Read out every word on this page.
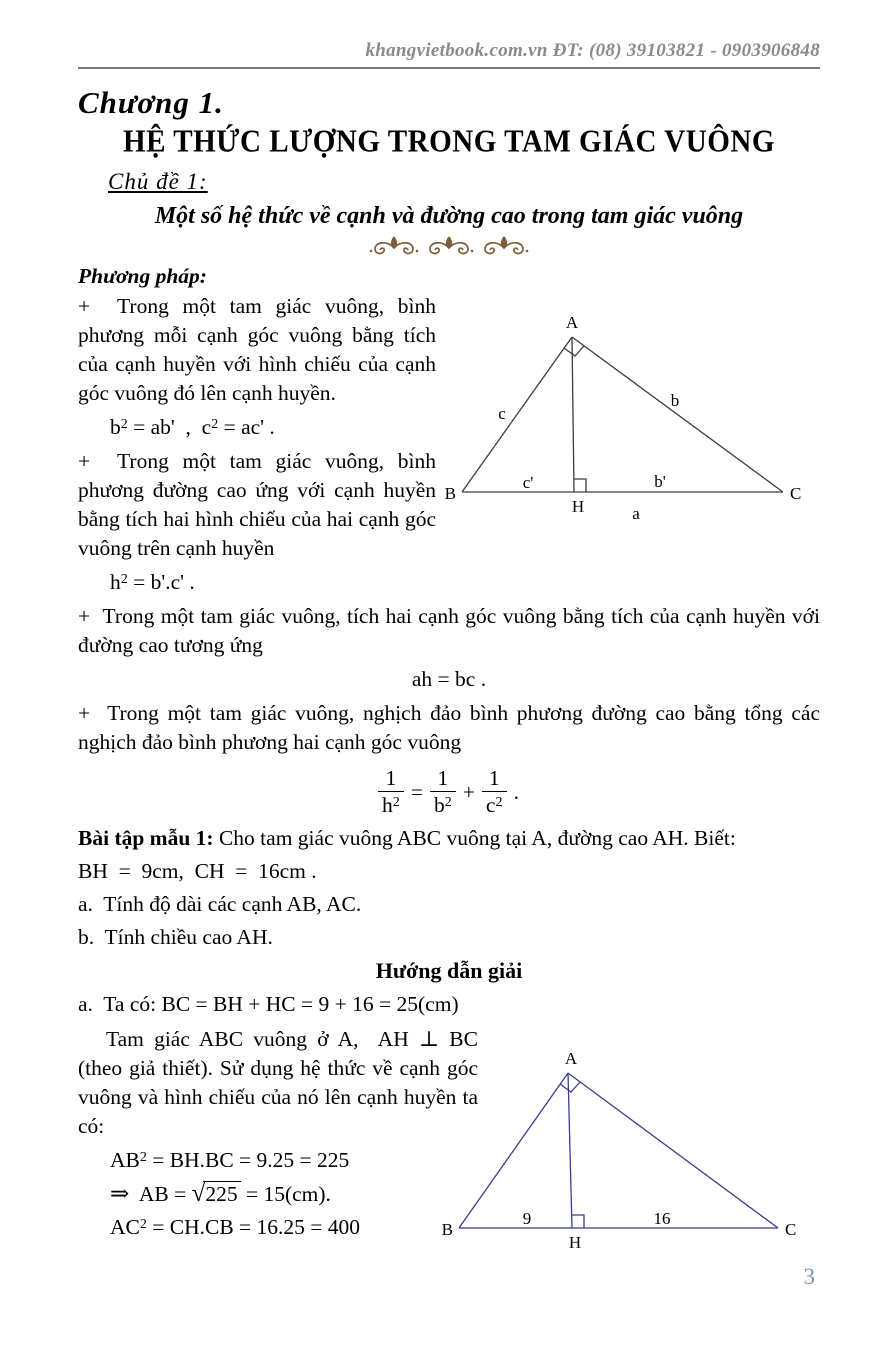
khangvietbook.com.vn ĐT: (08) 39103821 - 0903906848
Chương 1.
HỆ THỨC LƯỢNG TRONG TAM GIÁC VUÔNG
Chủ đề 1:
Một số hệ thức về cạnh và đường cao trong tam giác vuông
Phương pháp:

+  Trong một tam giác vuông, bình phương mỗi cạnh góc vuông bằng tích của cạnh huyền với hình chiếu của cạnh góc vuông đó lên cạnh huyền.

$b^2 = ab'$  ,  $c^2 = ac'$ .

+  Trong một tam giác vuông, bình phương đường cao ứng với cạnh huyền bằng tích hai hình chiếu của hai cạnh góc vuông trên cạnh huyền

$h^2 = b'.c'$ .
A
B	C
H
c
b
c'	b'
a

+  Trong một tam giác vuông, tích hai cạnh góc vuông bằng tích của cạnh huyền với đường cao tương ứng

ah = bc .

+  Trong một tam giác vuông, nghịch đảo bình phương đường cao bằng tổng các nghịch đảo bình phương hai cạnh góc vuông

$\frac{1}{h^2} = \frac{1}{b^2} + \frac{1}{c^2}$ .
Bài tập mẫu 1: Cho tam giác vuông ABC vuông tại A, đường cao AH. Biết:
BH  =  9cm,  CH  =  16cm .
a.  Tính độ dài các cạnh AB, AC.
b.  Tính chiều cao AH.
Hướng dẫn giải
a.  Ta có: BC = BH + HC = 9 + 16 = 25(cm)

Tam giác ABC vuông ở A,  AH ⊥ BC (theo giả thiết). Sử dụng hệ thức về cạnh góc vuông và hình chiếu của nó lên cạnh huyền ta có:

$AB^2 = BH.BC = 9.25 = 225$
⇒  AB = √225 = 15(cm).
$AC^2 = CH.CB = 16.25 = 400$
A
B	C
H
9	16
3
